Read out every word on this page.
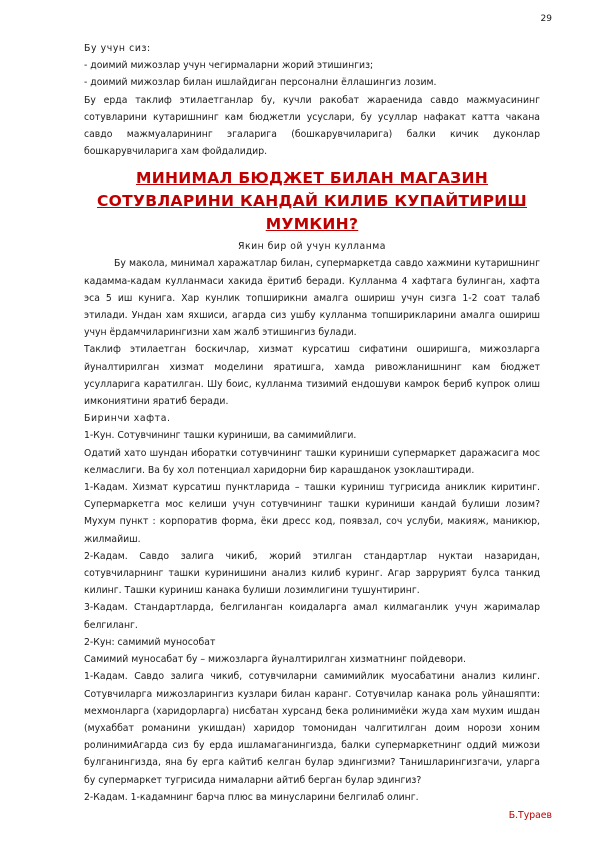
29

Бу учун сиз:

- доимий мижозлар учун чегирмаларни жорий этишингиз;

- доимий мижозлар билан ишлайдиган персонални ёллашингиз лозим.

Бу ерда таклиф этилаетганлар бу, кучли ракобат жараенида савдо мажмуасининг сотувларини кутаришнинг кам бюджетли усуслари, бу усуллар нафакат катта чакана савдо мажмуаларининг эгаларига (бошкарувчиларига) балки кичик дуконлар бошкарувчиларига хам фойдалидир.

МИНИМАЛ БЮДЖЕТ БИЛАН МАГАЗИН СОТУВЛАРИНИ КАНДАЙ КИЛИБ КУПАЙТИРИШ МУМКИН?

Якин бир ой учун кулланма

Бу макола, минимал харажатлар билан, супермаркетда савдо хажмини кутаришнинг кадамма-кадам кулланмаси хакида ёритиб беради. Кулланма 4 хафтага булинган, хафта эса 5 иш кунига. Хар кунлик топширикни амалга ошириш учун сизга 1-2 соат талаб этилади. Ундан хам яхшиси, агарда сиз ушбу кулланма топширикларини амалга ошириш учун ёрдамчиларингизни хам жалб этишингиз булади.

Таклиф этилаетган боскичлар, хизмат курсатиш сифатини оширишга, мижозларга йуналтирилган хизмат моделини яратишга, хамда ривожланишнинг кам бюджет усулларига каратилган. Шу боис, кулланма тизимий ендошуви камрок бериб купрок олиш имкониятини яратиб беради.

Биринчи хафта.

1-Кун. Сотувчининг ташки куриниши, ва самимийлиги.

Одатий хато шундан иборатки сотувчининг ташки куриниши супермаркет даражасига мос келмаслиги. Ва бу хол потенциал харидорни бир карашданок узоклаштиради.

1-Кадам. Хизмат курсатиш пунктларида – ташки куриниш тугрисида аниклик киритинг. Супермаркетга мос келиши учун сотувчининг ташки куриниши кандай булиши лозим? Мухум пункт : корпоратив форма, ёки дресс код, появзал, соч услуби, макияж, маникюр, жилмайиш.

2-Кадам. Савдо залига чикиб, жорий этилган стандартлар нуктаи назаридан, сотувчиларнинг ташки куринишини анализ килиб куринг. Агар заррурият булса танкид килинг. Ташки куриниш канака булиши лозимлигини тушунтиринг.

3-Кадам. Стандартларда, белгиланган коидаларга амал килмаганлик учун жарималар белгиланг.

2-Кун: самимий мунособат

Самимий муносабат бу – мижозларга йуналтирилган хизматнинг пойдевори.

1-Кадам. Савдо залига чикиб, сотувчиларни самимийлик муосабатини анализ килинг. Сотувчиларга мижозларингиз кузлари билан каранг. Сотувчилар канака роль уйнашяпти: мехмонларга (харидорларга) нисбатан хурсанд бека ролинимиёки жуда хам мухим ишдан (мухаббат романини укишдан) харидор томонидан чалгитилган доим норози хоним ролинимиАгарда сиз бу ерда ишламаганингизда, балки супермаркетнинг оддий мижози булганингизда, яна бу ерга кайтиб келган булар эдингизми? Танишларингизгачи, уларга бу супермаркет тугрисида нималарни айтиб берган булар эдингиз?

2-Кадам. 1-кадамнинг барча плюс ва минусларини белгилаб олинг.

Б.Тураев
